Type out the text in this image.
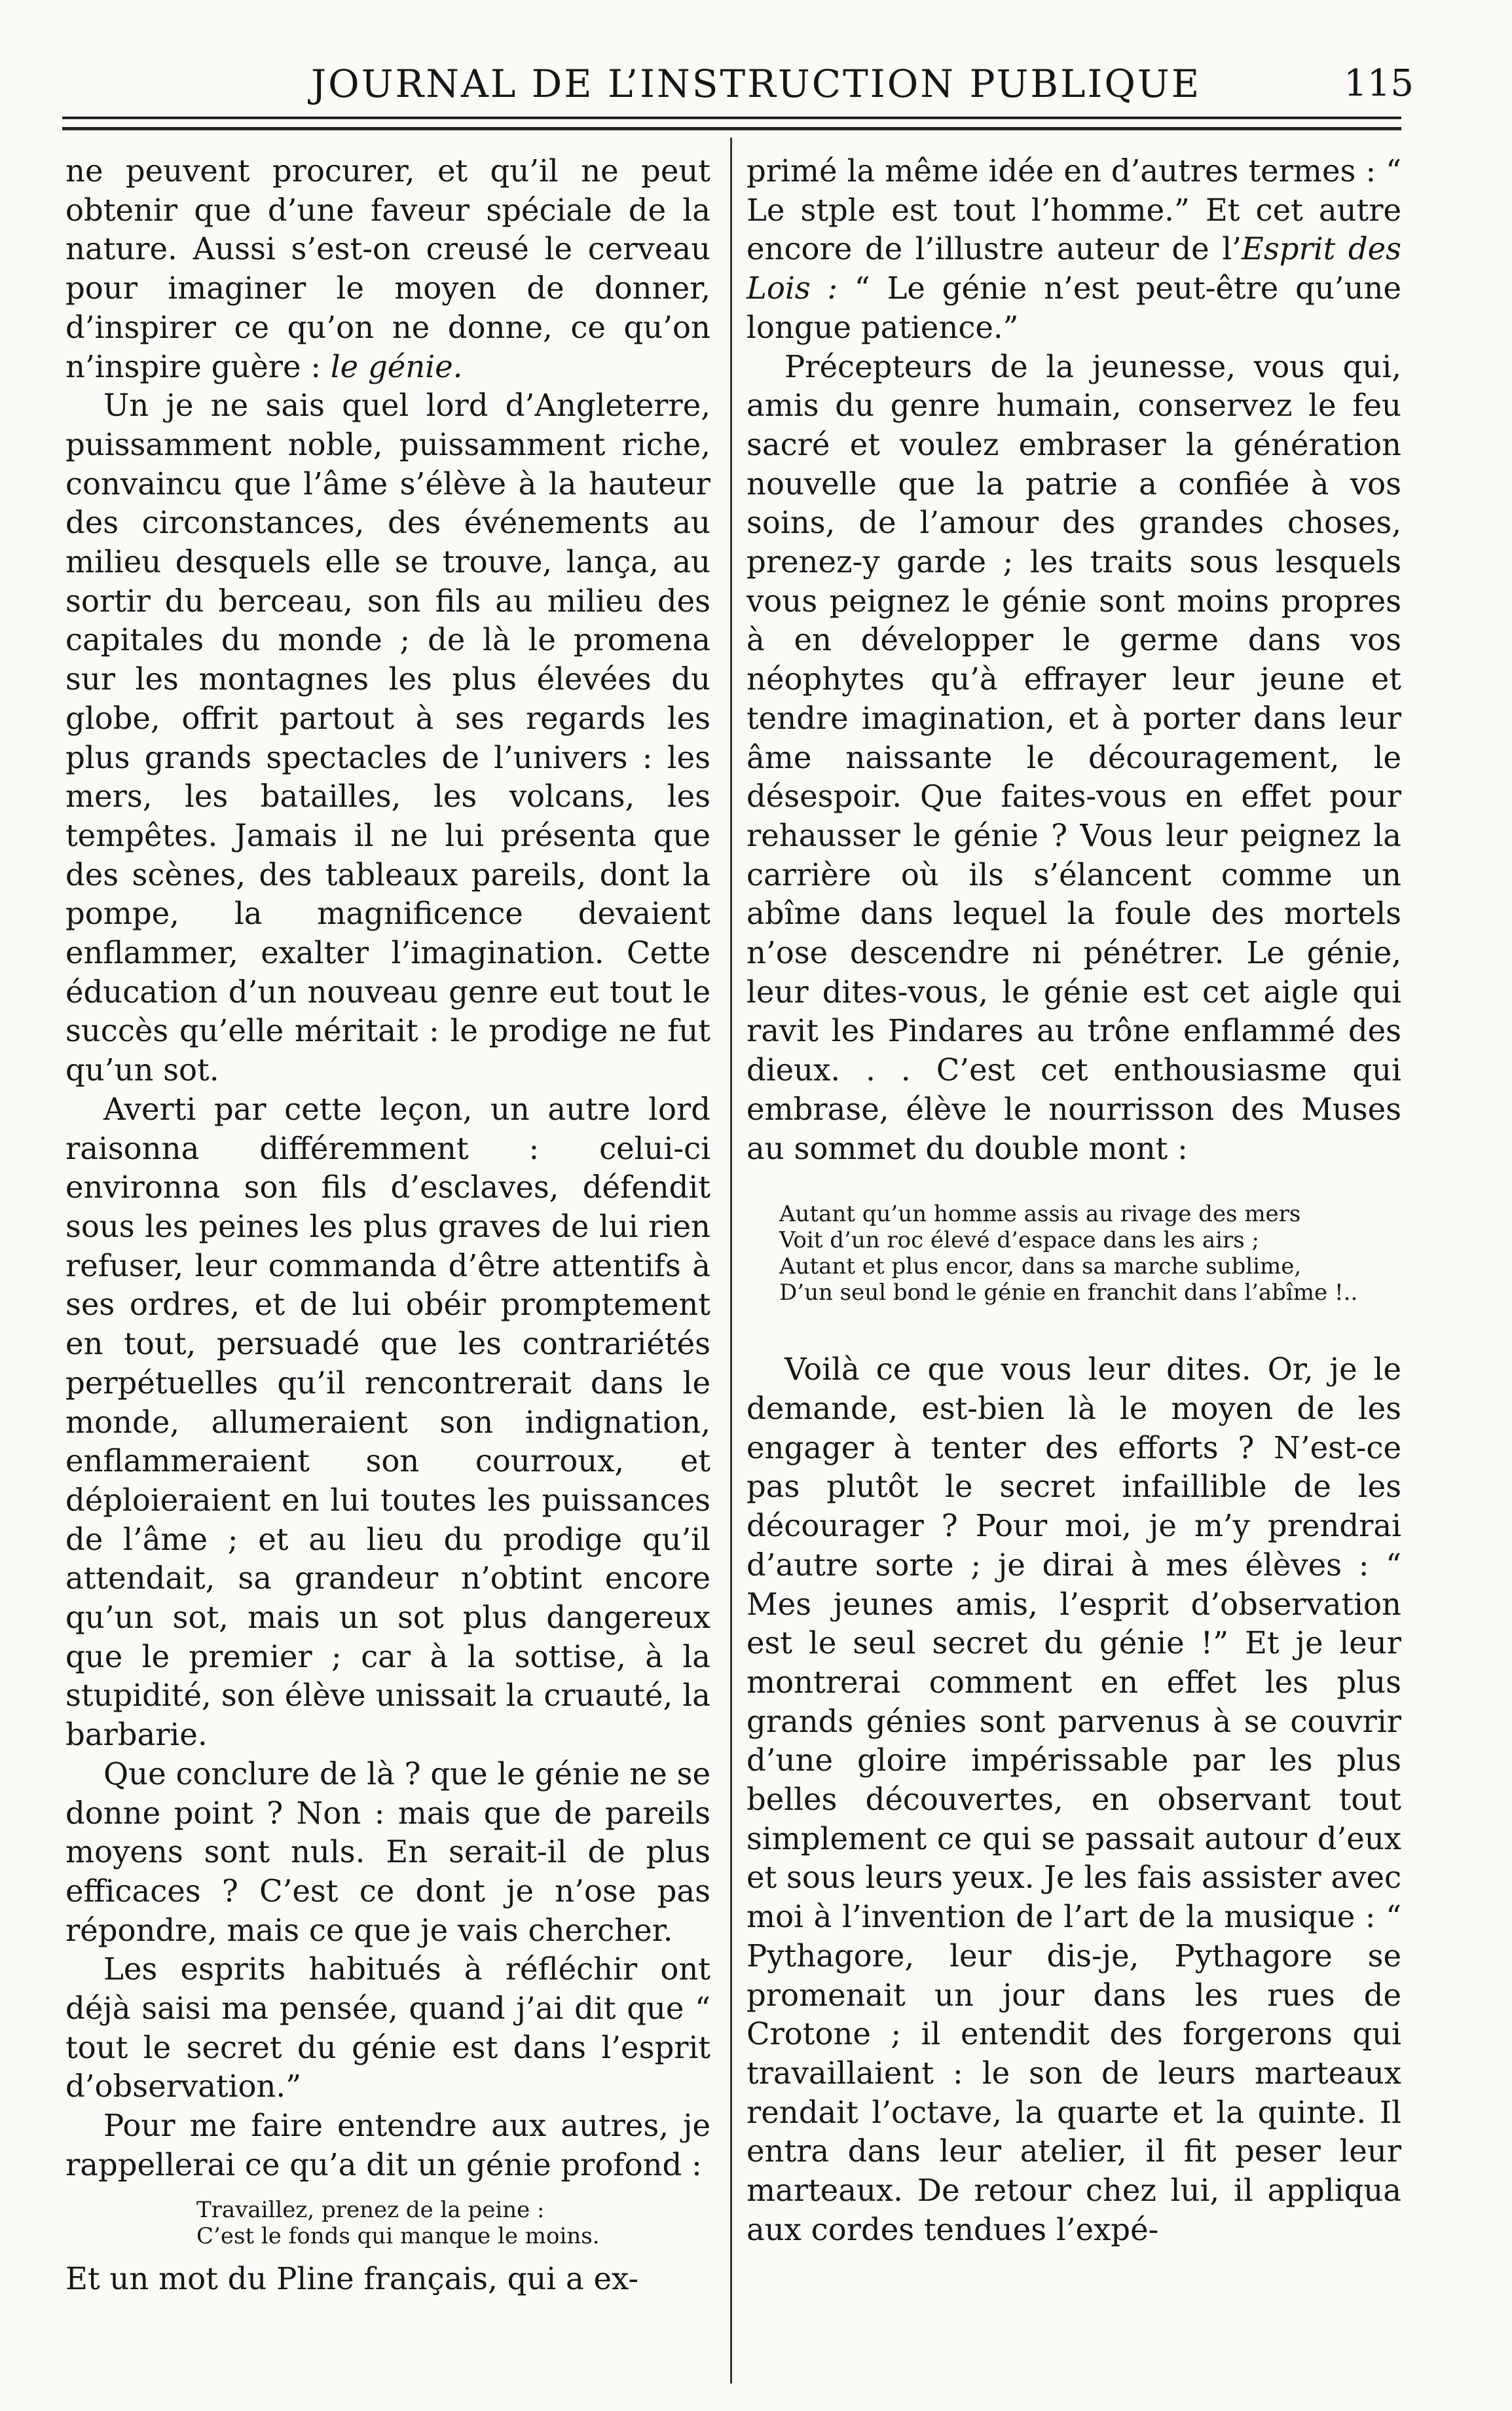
JOURNAL DE L’INSTRUCTION PUBLIQUE	115

ne peuvent procurer, et qu’il ne peut obtenir que d’une faveur spéciale de la nature. Aussi s’est-on creusé le cerveau pour imaginer le moyen de donner, d’inspirer ce qu’on ne donne, ce qu’on n’inspire guère : le génie.

Un je ne sais quel lord d’Angleterre, puissamment noble, puissamment riche, convaincu que l’âme s’élève à la hauteur des circonstances, des événements au milieu desquels elle se trouve, lança, au sortir du berceau, son fils au milieu des capitales du monde ; de là le promena sur les montagnes les plus élevées du globe, offrit partout à ses regards les plus grands spectacles de l’univers : les mers, les batailles, les volcans, les tempêtes. Jamais il ne lui présenta que des scènes, des tableaux pareils, dont la pompe, la magnificence devaient enflammer, exalter l’imagination. Cette éducation d’un nouveau genre eut tout le succès qu’elle méritait : le prodige ne fut qu’un sot.

Averti par cette leçon, un autre lord raisonna différemment : celui-ci environna son fils d’esclaves, défendit sous les peines les plus graves de lui rien refuser, leur commanda d’être attentifs à ses ordres, et de lui obéir promptement en tout, persuadé que les contrariétés perpétuelles qu’il rencontrerait dans le monde, allumeraient son indignation, enflammeraient son courroux, et déploieraient en lui toutes les puissances de l’âme ; et au lieu du prodige qu’il attendait, sa grandeur n’obtint encore qu’un sot, mais un sot plus dangereux que le premier ; car à la sottise, à la stupidité, son élève unissait la cruauté, la barbarie.

Que conclure de là ? que le génie ne se donne point ? Non : mais que de pareils moyens sont nuls. En serait-il de plus efficaces ? C’est ce dont je n’ose pas répondre, mais ce que je vais chercher.

Les esprits habitués à réfléchir ont déjà saisi ma pensée, quand j’ai dit que “ tout le secret du génie est dans l’esprit d’observation.”

Pour me faire entendre aux autres, je rappellerai ce qu’a dit un génie profond :

Travaillez, prenez de la peine :
C’est le fonds qui manque le moins.

Et un mot du Pline français, qui a ex-

primé la même idée en d’autres termes : “ Le stple est tout l’homme.” Et cet autre encore de l’illustre auteur de l’Esprit des Lois : “ Le génie n’est peut-être qu’une longue patience.”

Précepteurs de la jeunesse, vous qui, amis du genre humain, conservez le feu sacré et voulez embraser la génération nouvelle que la patrie a confiée à vos soins, de l’amour des grandes choses, prenez-y garde ; les traits sous lesquels vous peignez le génie sont moins propres à en développer le germe dans vos néophytes qu’à effrayer leur jeune et tendre imagination, et à porter dans leur âme naissante le découragement, le désespoir. Que faites-vous en effet pour rehausser le génie ? Vous leur peignez la carrière où ils s’élancent comme un abîme dans lequel la foule des mortels n’ose descendre ni pénétrer. Le génie, leur dites-vous, le génie est cet aigle qui ravit les Pindares au trône enflammé des dieux. . . C’est cet enthousiasme qui embrase, élève le nourrisson des Muses au sommet du double mont :

Autant qu’un homme assis au rivage des mers
Voit d’un roc élevé d’espace dans les airs ;
Autant et plus encor, dans sa marche sublime,
D’un seul bond le génie en franchit dans l’abîme !..

Voilà ce que vous leur dites. Or, je le demande, est-bien là le moyen de les engager à tenter des efforts ? N’est-ce pas plutôt le secret infaillible de les décourager ? Pour moi, je m’y prendrai d’autre sorte ; je dirai à mes élèves : “ Mes jeunes amis, l’esprit d’observation est le seul secret du génie !” Et je leur montrerai comment en effet les plus grands génies sont parvenus à se couvrir d’une gloire impérissable par les plus belles découvertes, en observant tout simplement ce qui se passait autour d’eux et sous leurs yeux. Je les fais assister avec moi à l’invention de l’art de la musique : “ Pythagore, leur dis-je, Pythagore se promenait un jour dans les rues de Crotone ; il entendit des forgerons qui travaillaient : le son de leurs marteaux rendait l’octave, la quarte et la quinte. Il entra dans leur atelier, il fit peser leur marteaux. De retour chez lui, il appliqua aux cordes tendues l’expé-
